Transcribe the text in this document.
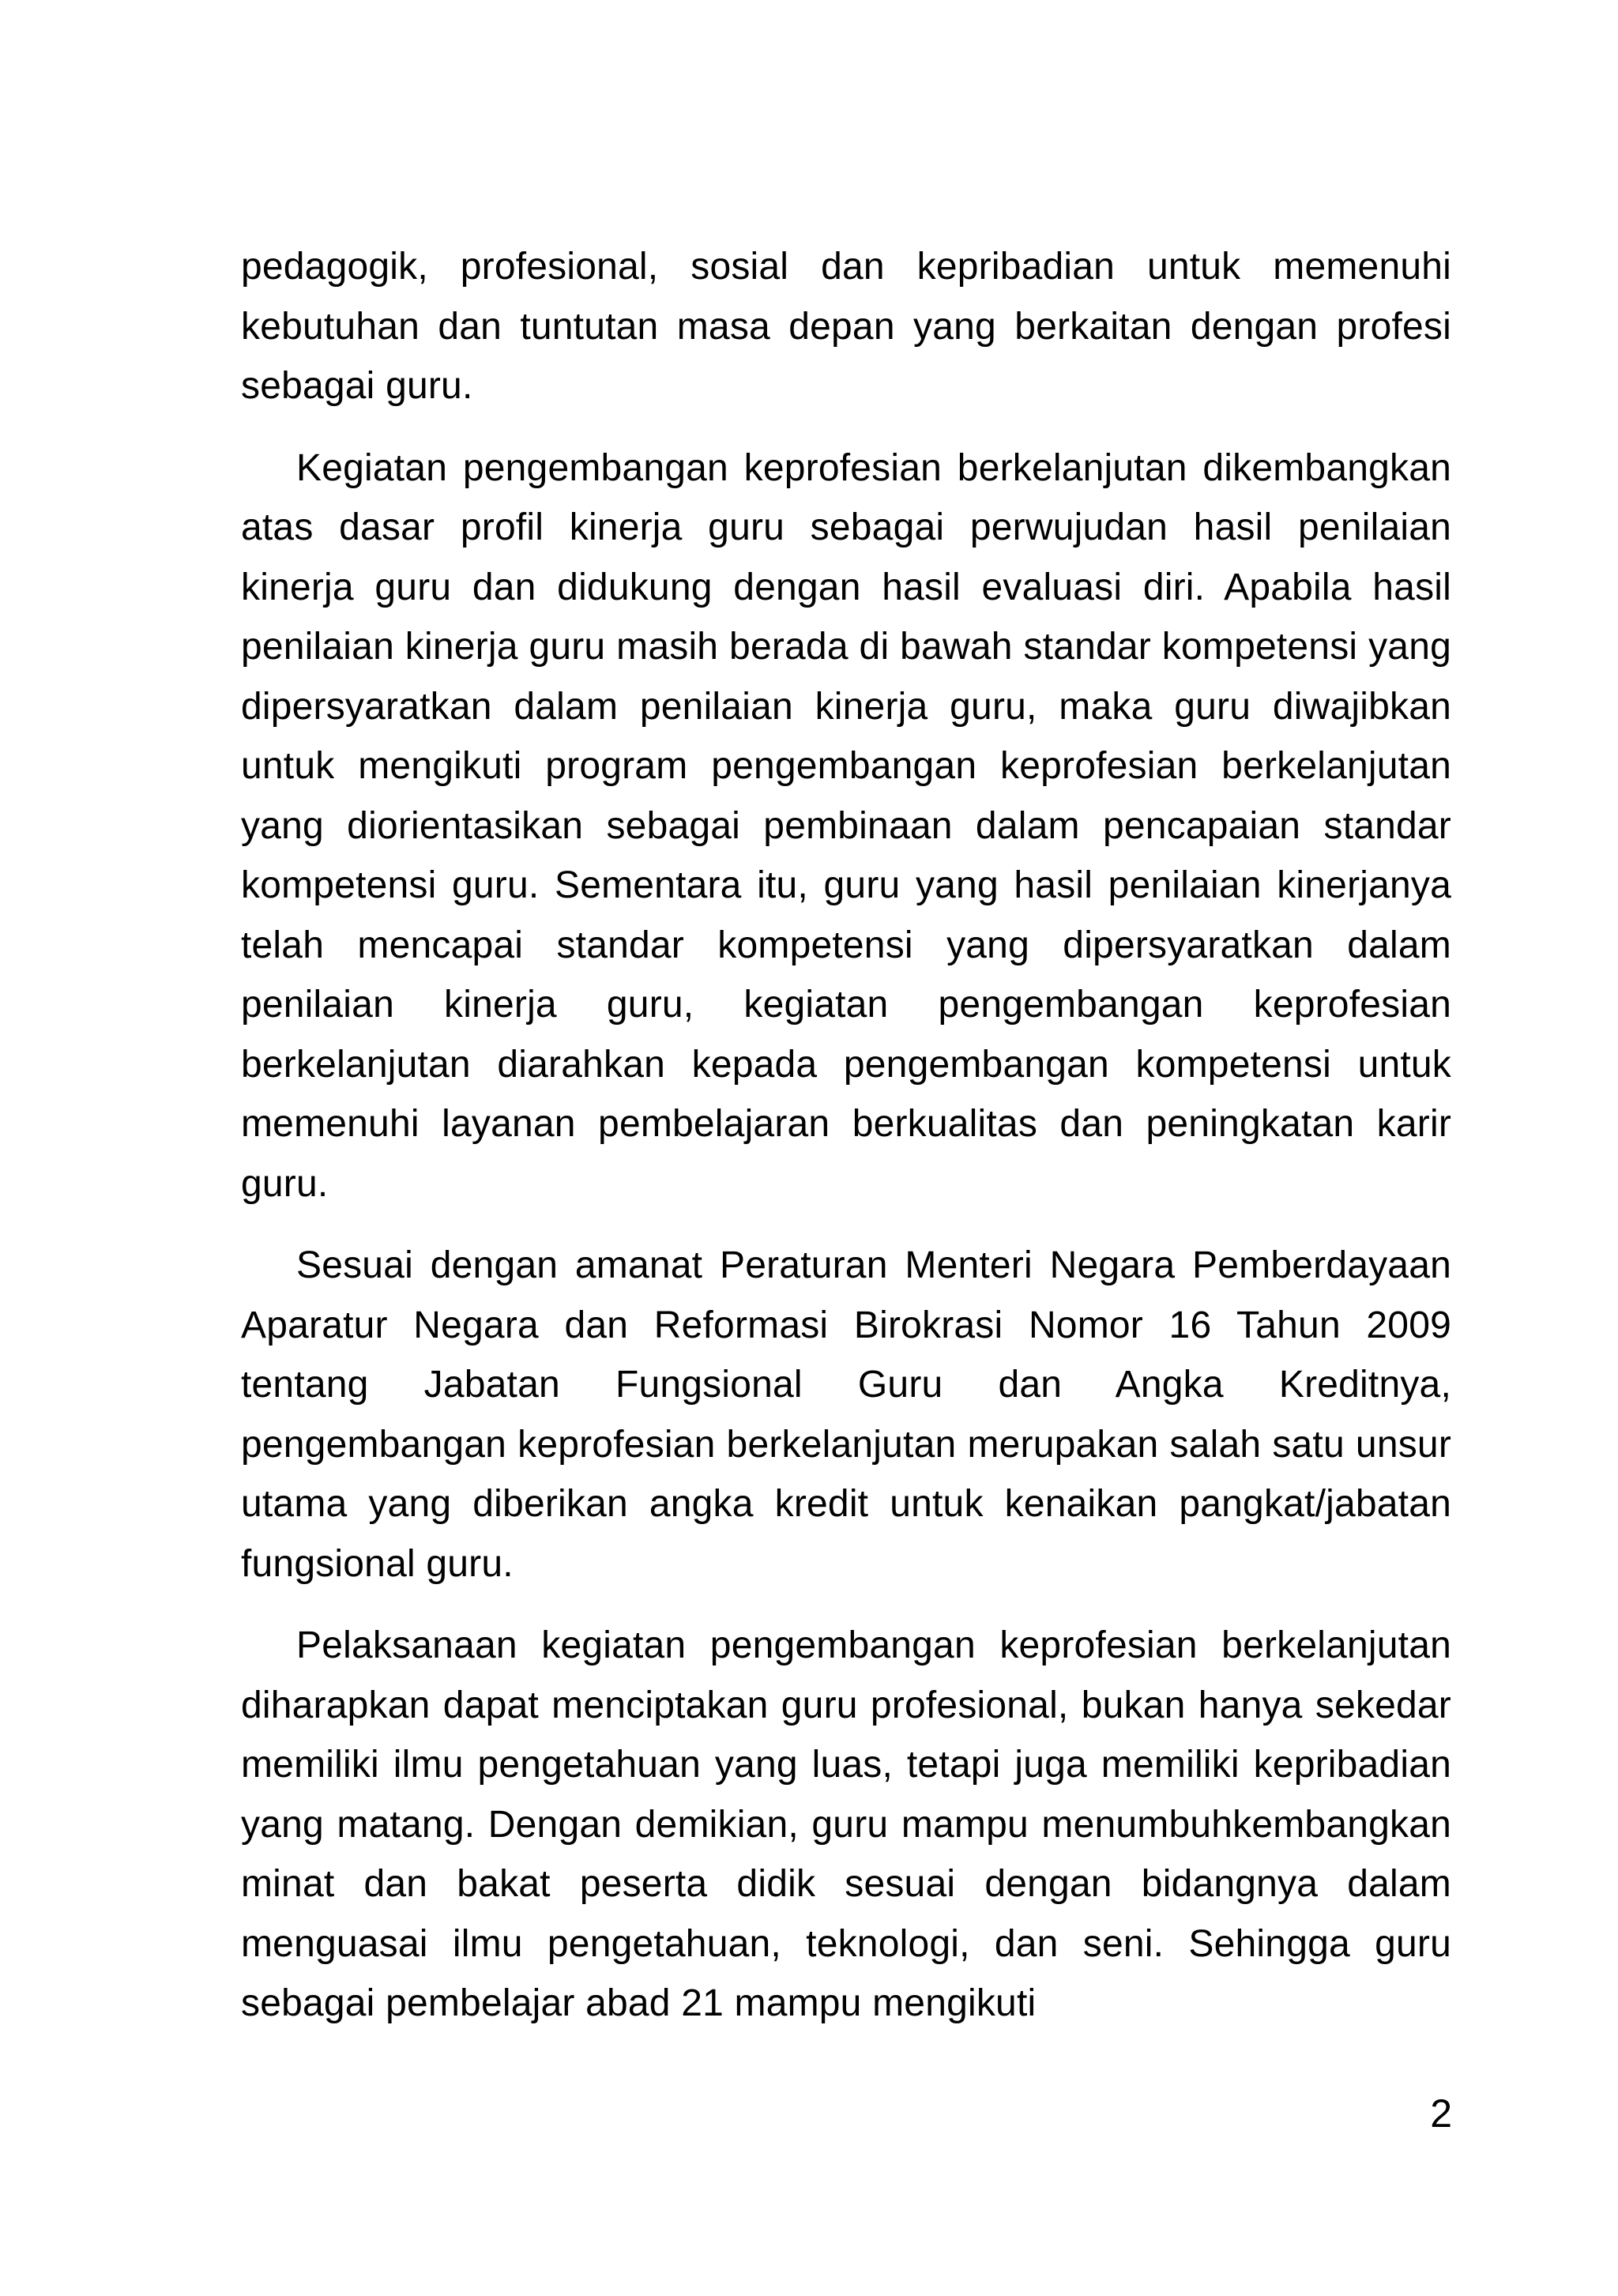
pedagogik, profesional, sosial dan kepribadian untuk memenuhi kebutuhan dan tuntutan masa depan yang berkaitan dengan profesi sebagai guru.

Kegiatan pengembangan keprofesian berkelanjutan dikembangkan atas dasar profil kinerja guru sebagai perwujudan hasil penilaian kinerja guru dan didukung dengan hasil evaluasi diri. Apabila hasil penilaian kinerja guru masih berada di bawah standar kompetensi yang dipersyaratkan dalam penilaian kinerja guru, maka guru diwajibkan untuk mengikuti program pengembangan keprofesian berkelanjutan yang diorientasikan sebagai pembinaan dalam pencapaian standar kompetensi guru. Sementara itu, guru yang hasil penilaian kinerjanya telah mencapai standar kompetensi yang dipersyaratkan dalam penilaian kinerja guru, kegiatan pengembangan keprofesian berkelanjutan diarahkan kepada pengembangan kompetensi untuk memenuhi layanan pembelajaran berkualitas dan peningkatan karir guru.

Sesuai dengan amanat Peraturan Menteri Negara Pemberdayaan Aparatur Negara dan Reformasi Birokrasi Nomor 16 Tahun 2009 tentang Jabatan Fungsional Guru dan Angka Kreditnya, pengembangan keprofesian berkelanjutan merupakan salah satu unsur utama yang diberikan angka kredit untuk kenaikan pangkat/jabatan fungsional guru.

Pelaksanaan kegiatan pengembangan keprofesian berkelanjutan diharapkan dapat menciptakan guru profesional, bukan hanya sekedar memiliki ilmu pengetahuan yang luas, tetapi juga memiliki kepribadian yang matang. Dengan demikian, guru mampu menumbuhkembangkan minat dan bakat peserta didik sesuai dengan bidangnya dalam menguasai ilmu pengetahuan, teknologi, dan seni. Sehingga guru sebagai pembelajar abad 21 mampu mengikuti

2
